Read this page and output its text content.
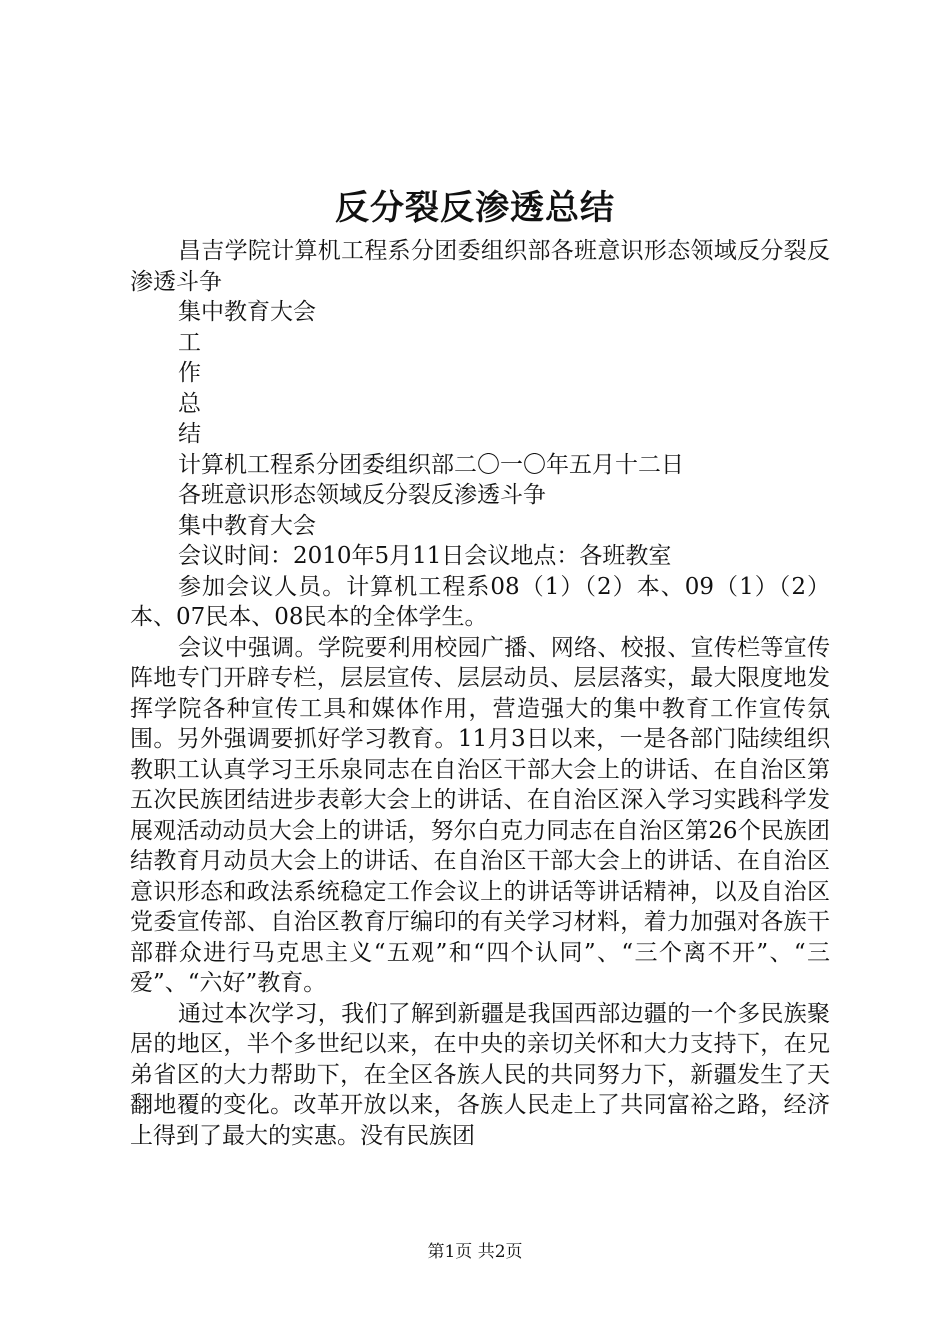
反分裂反渗透总结

昌吉学院计算机工程系分团委组织部各班意识形态领域反分裂反渗透斗争

集中教育大会

工

作

总

结

计算机工程系分团委组织部二〇一〇年五月十二日

各班意识形态领域反分裂反渗透斗争

集中教育大会

会议时间：2010年5月11日会议地点：各班教室

参加会议人员。计算机工程系08（1）（2）本、09（1）（2）本、07民本、08民本的全体学生。

会议中强调。学院要利用校园广播、网络、校报、宣传栏等宣传阵地专门开辟专栏，层层宣传、层层动员、层层落实，最大限度地发挥学院各种宣传工具和媒体作用，营造强大的集中教育工作宣传氛围。另外强调要抓好学习教育。11月3日以来，一是各部门陆续组织教职工认真学习王乐泉同志在自治区干部大会上的讲话、在自治区第五次民族团结进步表彰大会上的讲话、在自治区深入学习实践科学发展观活动动员大会上的讲话，努尔白克力同志在自治区第26个民族团结教育月动员大会上的讲话、在自治区干部大会上的讲话、在自治区意识形态和政法系统稳定工作会议上的讲话等讲话精神，以及自治区党委宣传部、自治区教育厅编印的有关学习材料，着力加强对各族干部群众进行马克思主义“五观”和“四个认同”、“三个离不开”、“三爱”、“六好”教育。

通过本次学习，我们了解到新疆是我国西部边疆的一个多民族聚居的地区，半个多世纪以来，在中央的亲切关怀和大力支持下，在兄弟省区的大力帮助下，在全区各族人民的共同努力下，新疆发生了天翻地覆的变化。改革开放以来，各族人民走上了共同富裕之路，经济上得到了最大的实惠。没有民族团

第1页 共2页
